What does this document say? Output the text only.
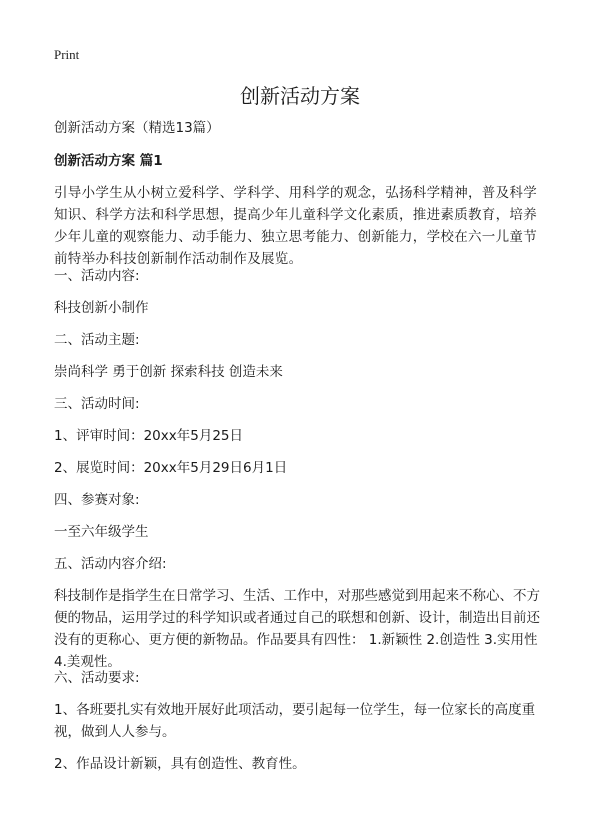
Print
创新活动方案
创新活动方案（精选13篇）
创新活动方案 篇1
引导小学生从小树立爱科学、学科学、用科学的观念，弘扬科学精神，普及科学知识、科学方法和科学思想，提高少年儿童科学文化素质，推进素质教育，培养少年儿童的观察能力、动手能力、独立思考能力、创新能力，学校在六一儿童节前特举办科技创新制作活动制作及展览。
一、活动内容:
科技创新小制作
二、活动主题:
崇尚科学 勇于创新 探索科技 创造未来
三、活动时间:
1、评审时间：20xx年5月25日
2、展览时间：20xx年5月29日6月1日
四、参赛对象:
一至六年级学生
五、活动内容介绍:
科技制作是指学生在日常学习、生活、工作中，对那些感觉到用起来不称心、不方便的物品，运用学过的科学知识或者通过自己的联想和创新、设计，制造出目前还没有的更称心、更方便的新物品。作品要具有四性： 1.新颖性 2.创造性 3.实用性 4.美观性。
六、活动要求:
1、各班要扎实有效地开展好此项活动，要引起每一位学生，每一位家长的高度重视，做到人人参与。
2、作品设计新颖，具有创造性、教育性。
